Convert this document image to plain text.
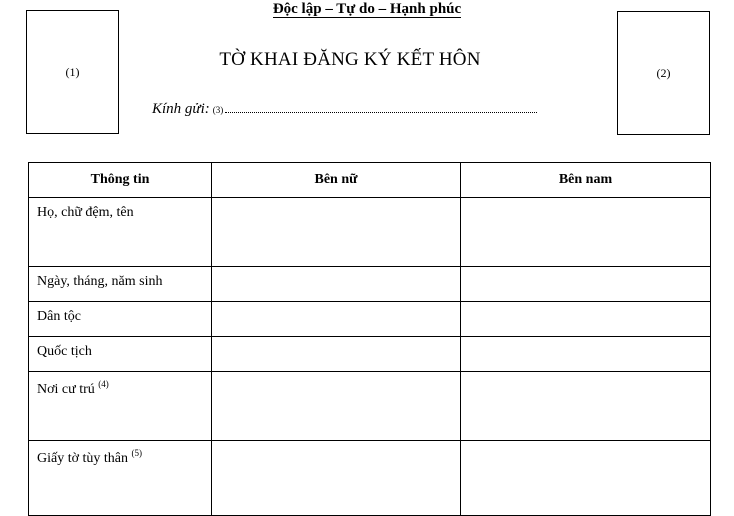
Độc lập – Tự do – Hạnh phúc
(1)	(2)
TỜ KHAI ĐĂNG KÝ KẾT HÔN
Kính gửi: (3)
Thông tin	Bên nữ	Bên nam
Họ, chữ đệm, tên		
Ngày, tháng, năm sinh		
Dân tộc		
Quốc tịch		
Nơi cư trú $^{(4)}$		
Giấy tờ tùy thân $^{(5)}$		
